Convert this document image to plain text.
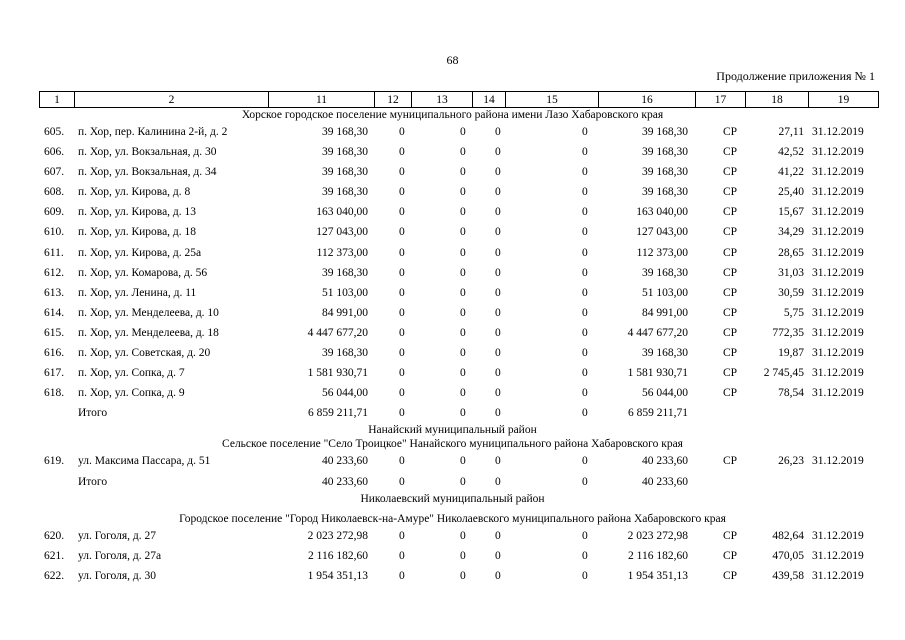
68
Продолжение приложения № 1
1	2	11	12	13	14	15	16	17	18	19
Хорское городское поселение муниципального района имени Лазо Хабаровского края
605. п. Хор, пер. Калинина 2-й, д. 2	39 168,30	0	0	0	0	39 168,30	СР	27,11 31.12.2019
606. п. Хор, ул. Вокзальная, д. 30	39 168,30	0	0	0	0	39 168,30	СР	42,52 31.12.2019
607. п. Хор, ул. Вокзальная, д. 34	39 168,30	0	0	0	0	39 168,30	СР	41,22 31.12.2019
608. п. Хор, ул. Кирова, д. 8	39 168,30	0	0	0	0	39 168,30	СР	25,40 31.12.2019
609. п. Хор, ул. Кирова, д. 13	163 040,00	0	0	0	0	163 040,00	СР	15,67 31.12.2019
610. п. Хор, ул. Кирова, д. 18	127 043,00	0	0	0	0	127 043,00	СР	34,29 31.12.2019
611. п. Хор, ул. Кирова, д. 25а	112 373,00	0	0	0	0	112 373,00	СР	28,65 31.12.2019
612. п. Хор, ул. Комарова, д. 56	39 168,30	0	0	0	0	39 168,30	СР	31,03 31.12.2019
613. п. Хор, ул. Ленина, д. 11	51 103,00	0	0	0	0	51 103,00	СР	30,59 31.12.2019
614. п. Хор, ул. Менделеева, д. 10	84 991,00	0	0	0	0	84 991,00	СР	5,75 31.12.2019
615. п. Хор, ул. Менделеева, д. 18	4 447 677,20	0	0	0	0	4 447 677,20	СР	772,35 31.12.2019
616. п. Хор, ул. Советская, д. 20	39 168,30	0	0	0	0	39 168,30	СР	19,87 31.12.2019
617. п. Хор, ул. Сопка, д. 7	1 581 930,71	0	0	0	0	1 581 930,71	СР 2 745,45 31.12.2019
618. п. Хор, ул. Сопка, д. 9	56 044,00	0	0	0	0	56 044,00	СР	78,54 31.12.2019
Итого	6 859 211,71	0	0	0	0	6 859 211,71
Нанайский муниципальный район
Сельское поселение "Село Троицкое" Нанайского муниципального района Хабаровского края
619. ул. Максима Пассара, д. 51	40 233,60	0	0	0	0	40 233,60	СР	26,23 31.12.2019
Итого	40 233,60	0	0	0	0	40 233,60
Николаевский муниципальный район
Городское поселение "Город Николаевск-на-Амуре" Николаевского муниципального района Хабаровского края
620. ул. Гоголя, д. 27	2 023 272,98	0	0	0	0	2 023 272,98	СР	482,64 31.12.2019
621. ул. Гоголя, д. 27а	2 116 182,60	0	0	0	0	2 116 182,60	СР	470,05 31.12.2019
622. ул. Гоголя, д. 30	1 954 351,13	0	0	0	0	1 954 351,13	СР	439,58 31.12.2019
